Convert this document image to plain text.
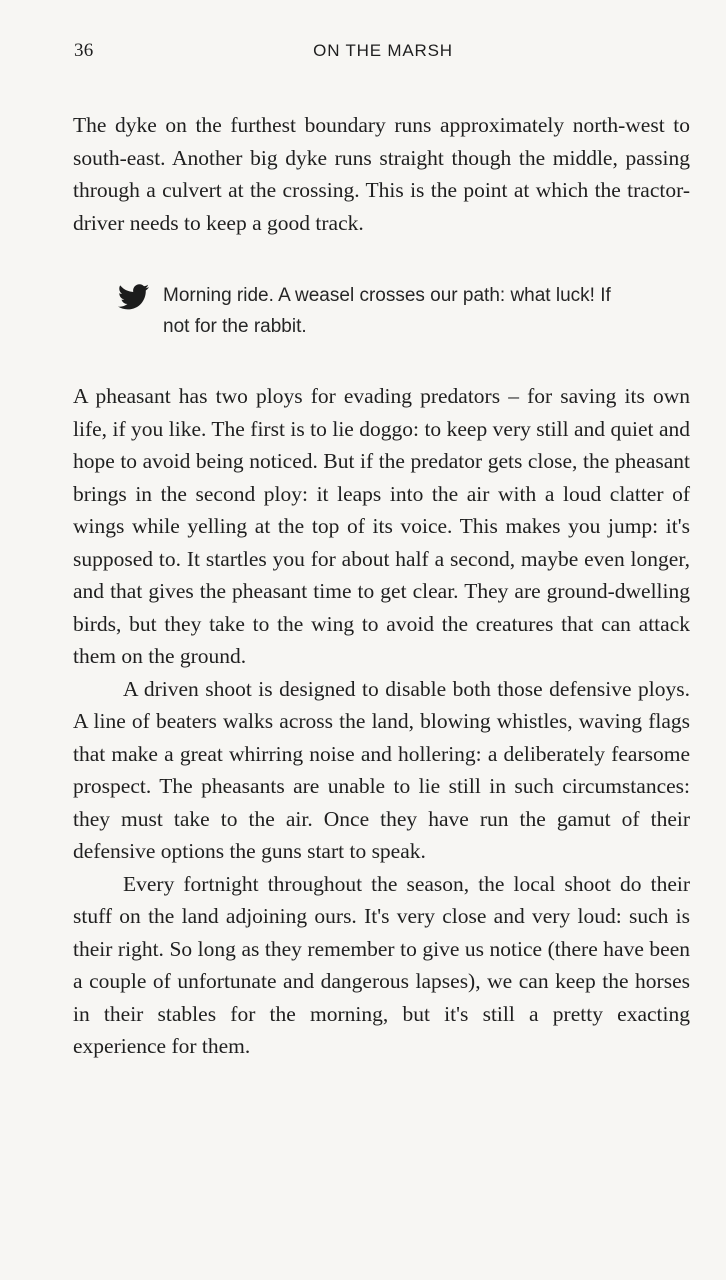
36	ON THE MARSH

The dyke on the furthest boundary runs approximately north-west to south-east. Another big dyke runs straight though the middle, passing through a culvert at the crossing. This is the point at which the tractor-driver needs to keep a good track.

Morning ride. A weasel crosses our path: what luck! If not for the rabbit.

A pheasant has two ploys for evading predators – for saving its own life, if you like. The first is to lie doggo: to keep very still and quiet and hope to avoid being noticed. But if the predator gets close, the pheasant brings in the second ploy: it leaps into the air with a loud clatter of wings while yelling at the top of its voice. This makes you jump: it's supposed to. It startles you for about half a second, maybe even longer, and that gives the pheasant time to get clear. They are ground-dwelling birds, but they take to the wing to avoid the creatures that can attack them on the ground.

A driven shoot is designed to disable both those defensive ploys. A line of beaters walks across the land, blowing whistles, waving flags that make a great whirring noise and hollering: a deliberately fearsome prospect. The pheasants are unable to lie still in such circumstances: they must take to the air. Once they have run the gamut of their defensive options the guns start to speak.

Every fortnight throughout the season, the local shoot do their stuff on the land adjoining ours. It's very close and very loud: such is their right. So long as they remember to give us notice (there have been a couple of unfortunate and dangerous lapses), we can keep the horses in their stables for the morning, but it's still a pretty exacting experience for them.
